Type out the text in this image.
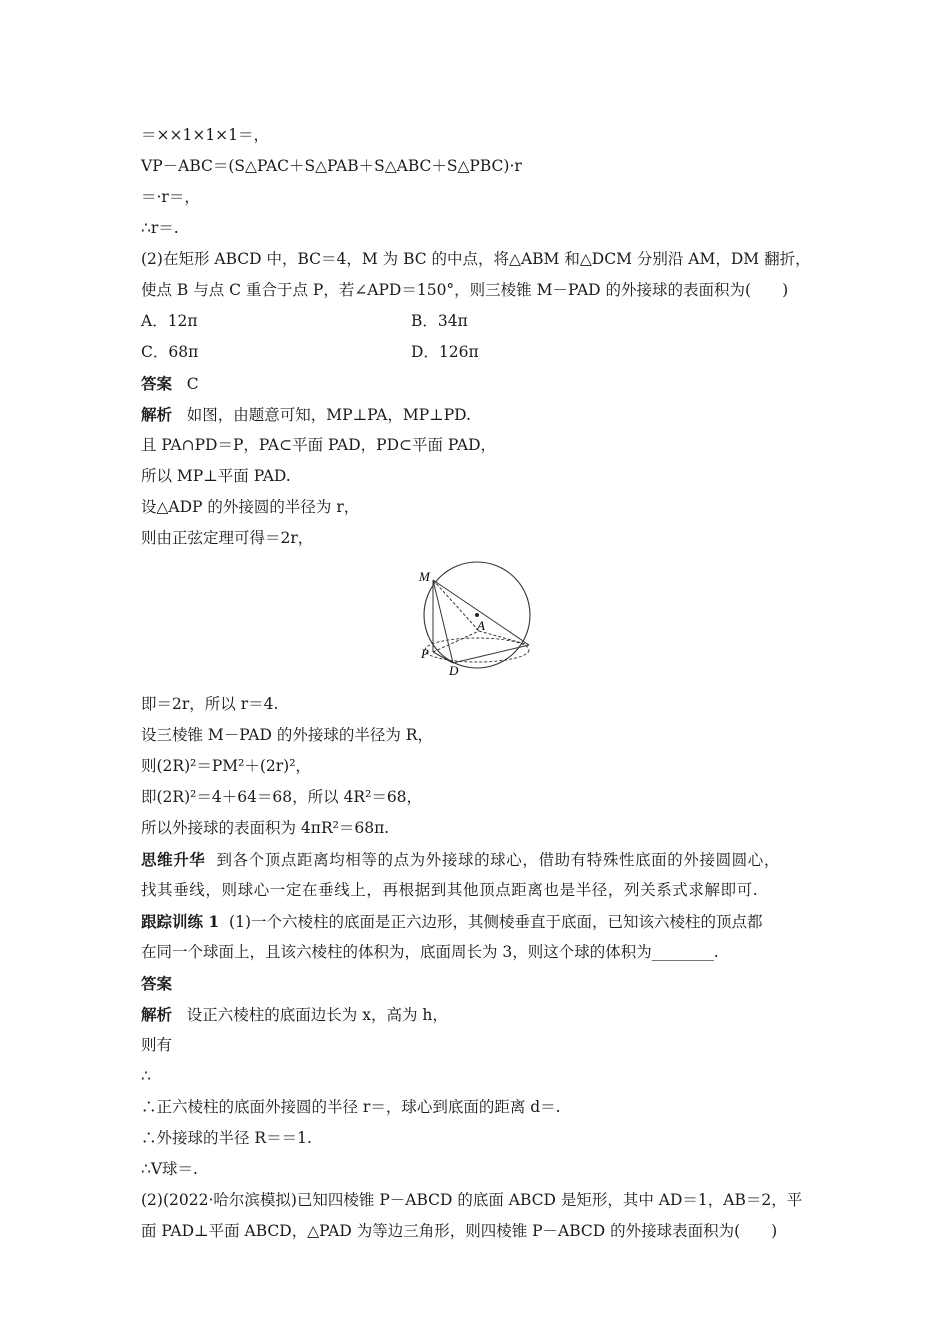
＝××1×1×1＝，
VP－ABC＝(S△PAC＋S△PAB＋S△ABC＋S△PBC)·r
＝·r＝，
∴r＝.
(2)在矩形 ABCD 中，BC＝4，M 为 BC 的中点，将△ABM 和△DCM 分别沿 AM，DM 翻折，
使点 B 与点 C 重合于点 P，若∠APD＝150°，则三棱锥 M－PAD 的外接球的表面积为(　　)
A．12π	B．34π
C．68π	D．126π
答案 C
解析 如图，由题意可知，MP⊥PA，MP⊥PD.
且 PA∩PD＝P，PA⊂平面 PAD，PD⊂平面 PAD，
所以 MP⊥平面 PAD.
设△ADP 的外接圆的半径为 r，
则由正弦定理可得＝2r，
M
A
P
D
即＝2r，所以 r＝4.
设三棱锥 M－PAD 的外接球的半径为 R，
则(2R)²＝PM²＋(2r)²，
即(2R)²＝4＋64＝68，所以 4R²＝68，
所以外接球的表面积为 4πR²＝68π.
思维升华 到各个顶点距离均相等的点为外接球的球心，借助有特殊性底面的外接圆圆心，
找其垂线，则球心一定在垂线上，再根据到其他顶点距离也是半径，列关系式求解即可.
跟踪训练 1 (1)一个六棱柱的底面是正六边形，其侧棱垂直于底面，已知该六棱柱的顶点都
在同一个球面上，且该六棱柱的体积为，底面周长为 3，则这个球的体积为________.
答案
解析 设正六棱柱的底面边长为 x，高为 h，
则有
∴
∴正六棱柱的底面外接圆的半径 r＝，球心到底面的距离 d＝.
∴外接球的半径 R＝＝1.
∴V球＝.
(2)(2022·哈尔滨模拟)已知四棱锥 P－ABCD 的底面 ABCD 是矩形，其中 AD＝1，AB＝2，平
面 PAD⊥平面 ABCD，△PAD 为等边三角形，则四棱锥 P－ABCD 的外接球表面积为(　　)
